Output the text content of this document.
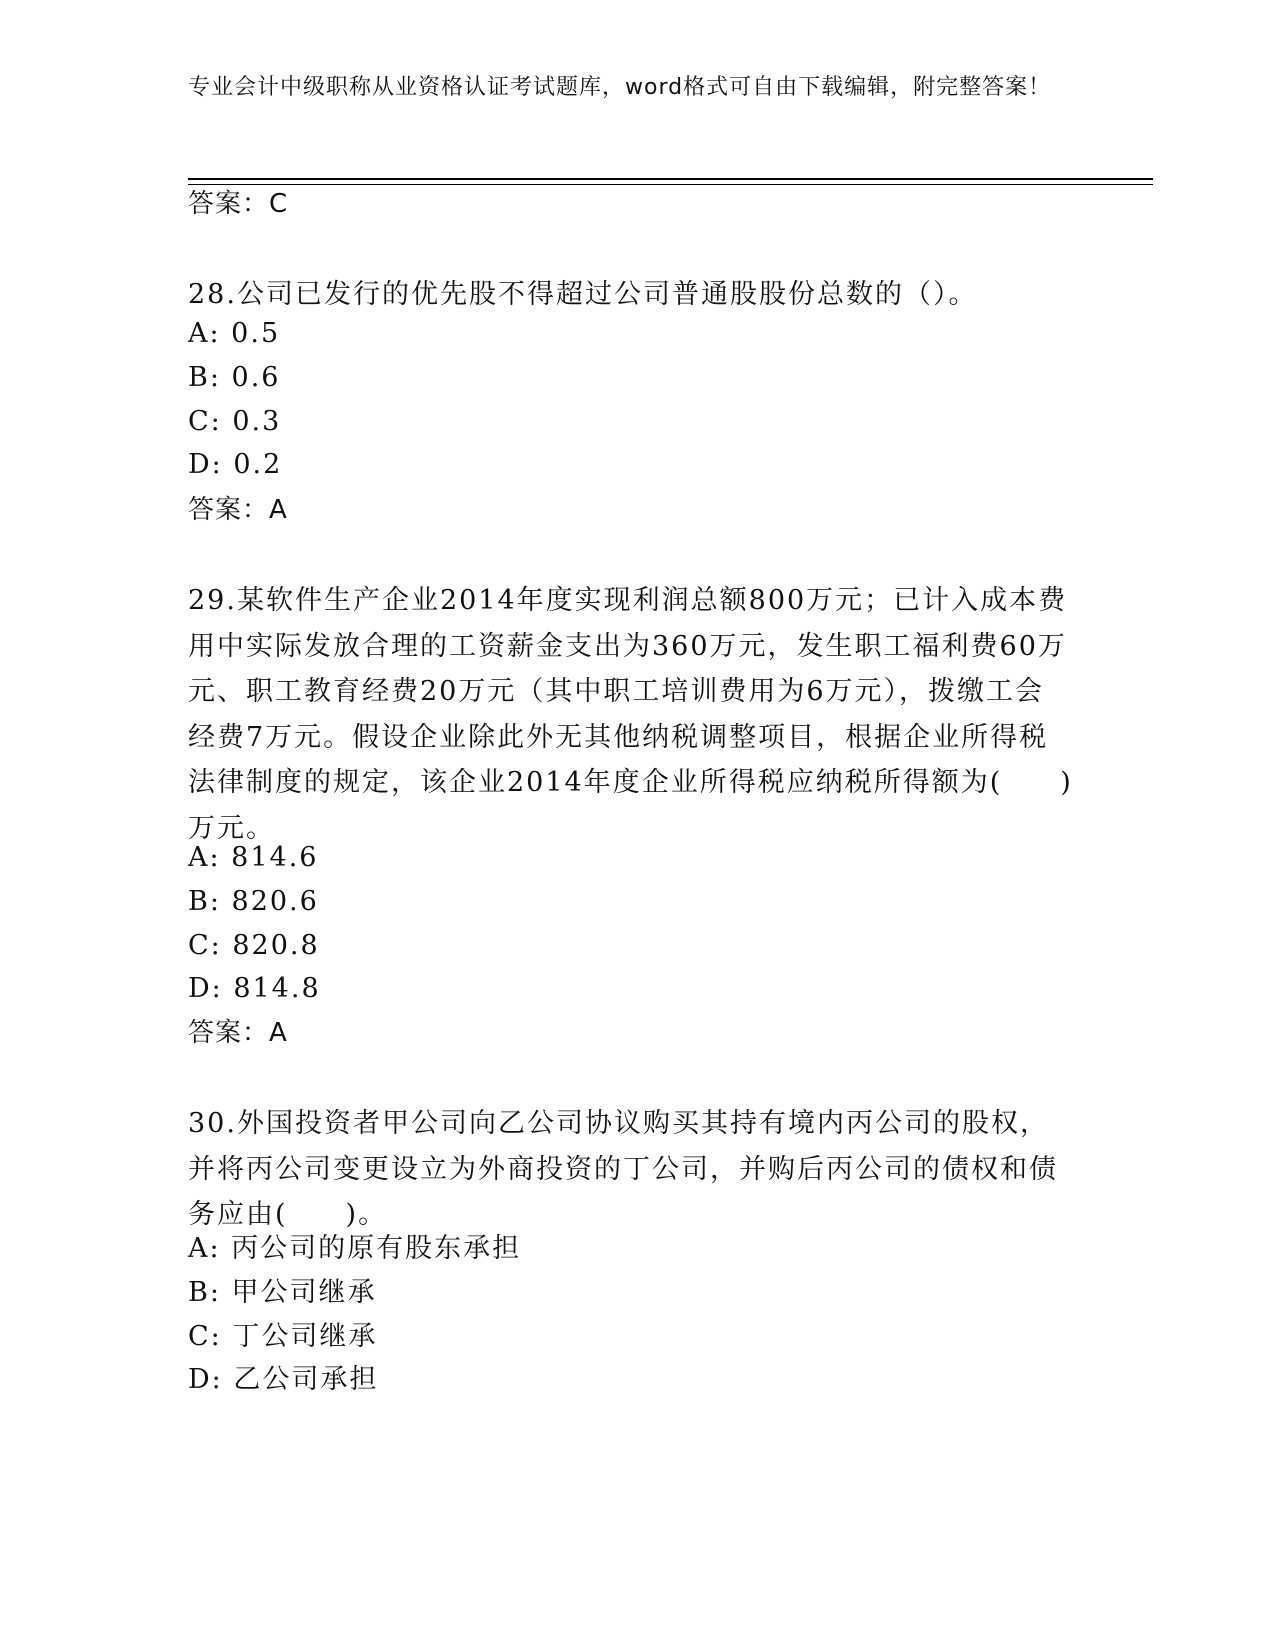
专业会计中级职称从业资格认证考试题库，word格式可自由下载编辑，附完整答案！
答案：C
28.公司已发行的优先股不得超过公司普通股股份总数的（）。
A: 0.5
B: 0.6
C: 0.3
D: 0.2
答案：A
29.某软件生产企业2014年度实现利润总额800万元；已计入成本费用中实际发放合理的工资薪金支出为360万元，发生职工福利费60万元、职工教育经费20万元（其中职工培训费用为6万元），拨缴工会经费7万元。假设企业除此外无其他纳税调整项目，根据企业所得税法律制度的规定，该企业2014年度企业所得税应纳税所得额为(　　)万元。
A: 814.6
B: 820.6
C: 820.8
D: 814.8
答案：A
30.外国投资者甲公司向乙公司协议购买其持有境内丙公司的股权，并将丙公司变更设立为外商投资的丁公司，并购后丙公司的债权和债务应由(　　)。
A: 丙公司的原有股东承担
B: 甲公司继承
C: 丁公司继承
D: 乙公司承担
